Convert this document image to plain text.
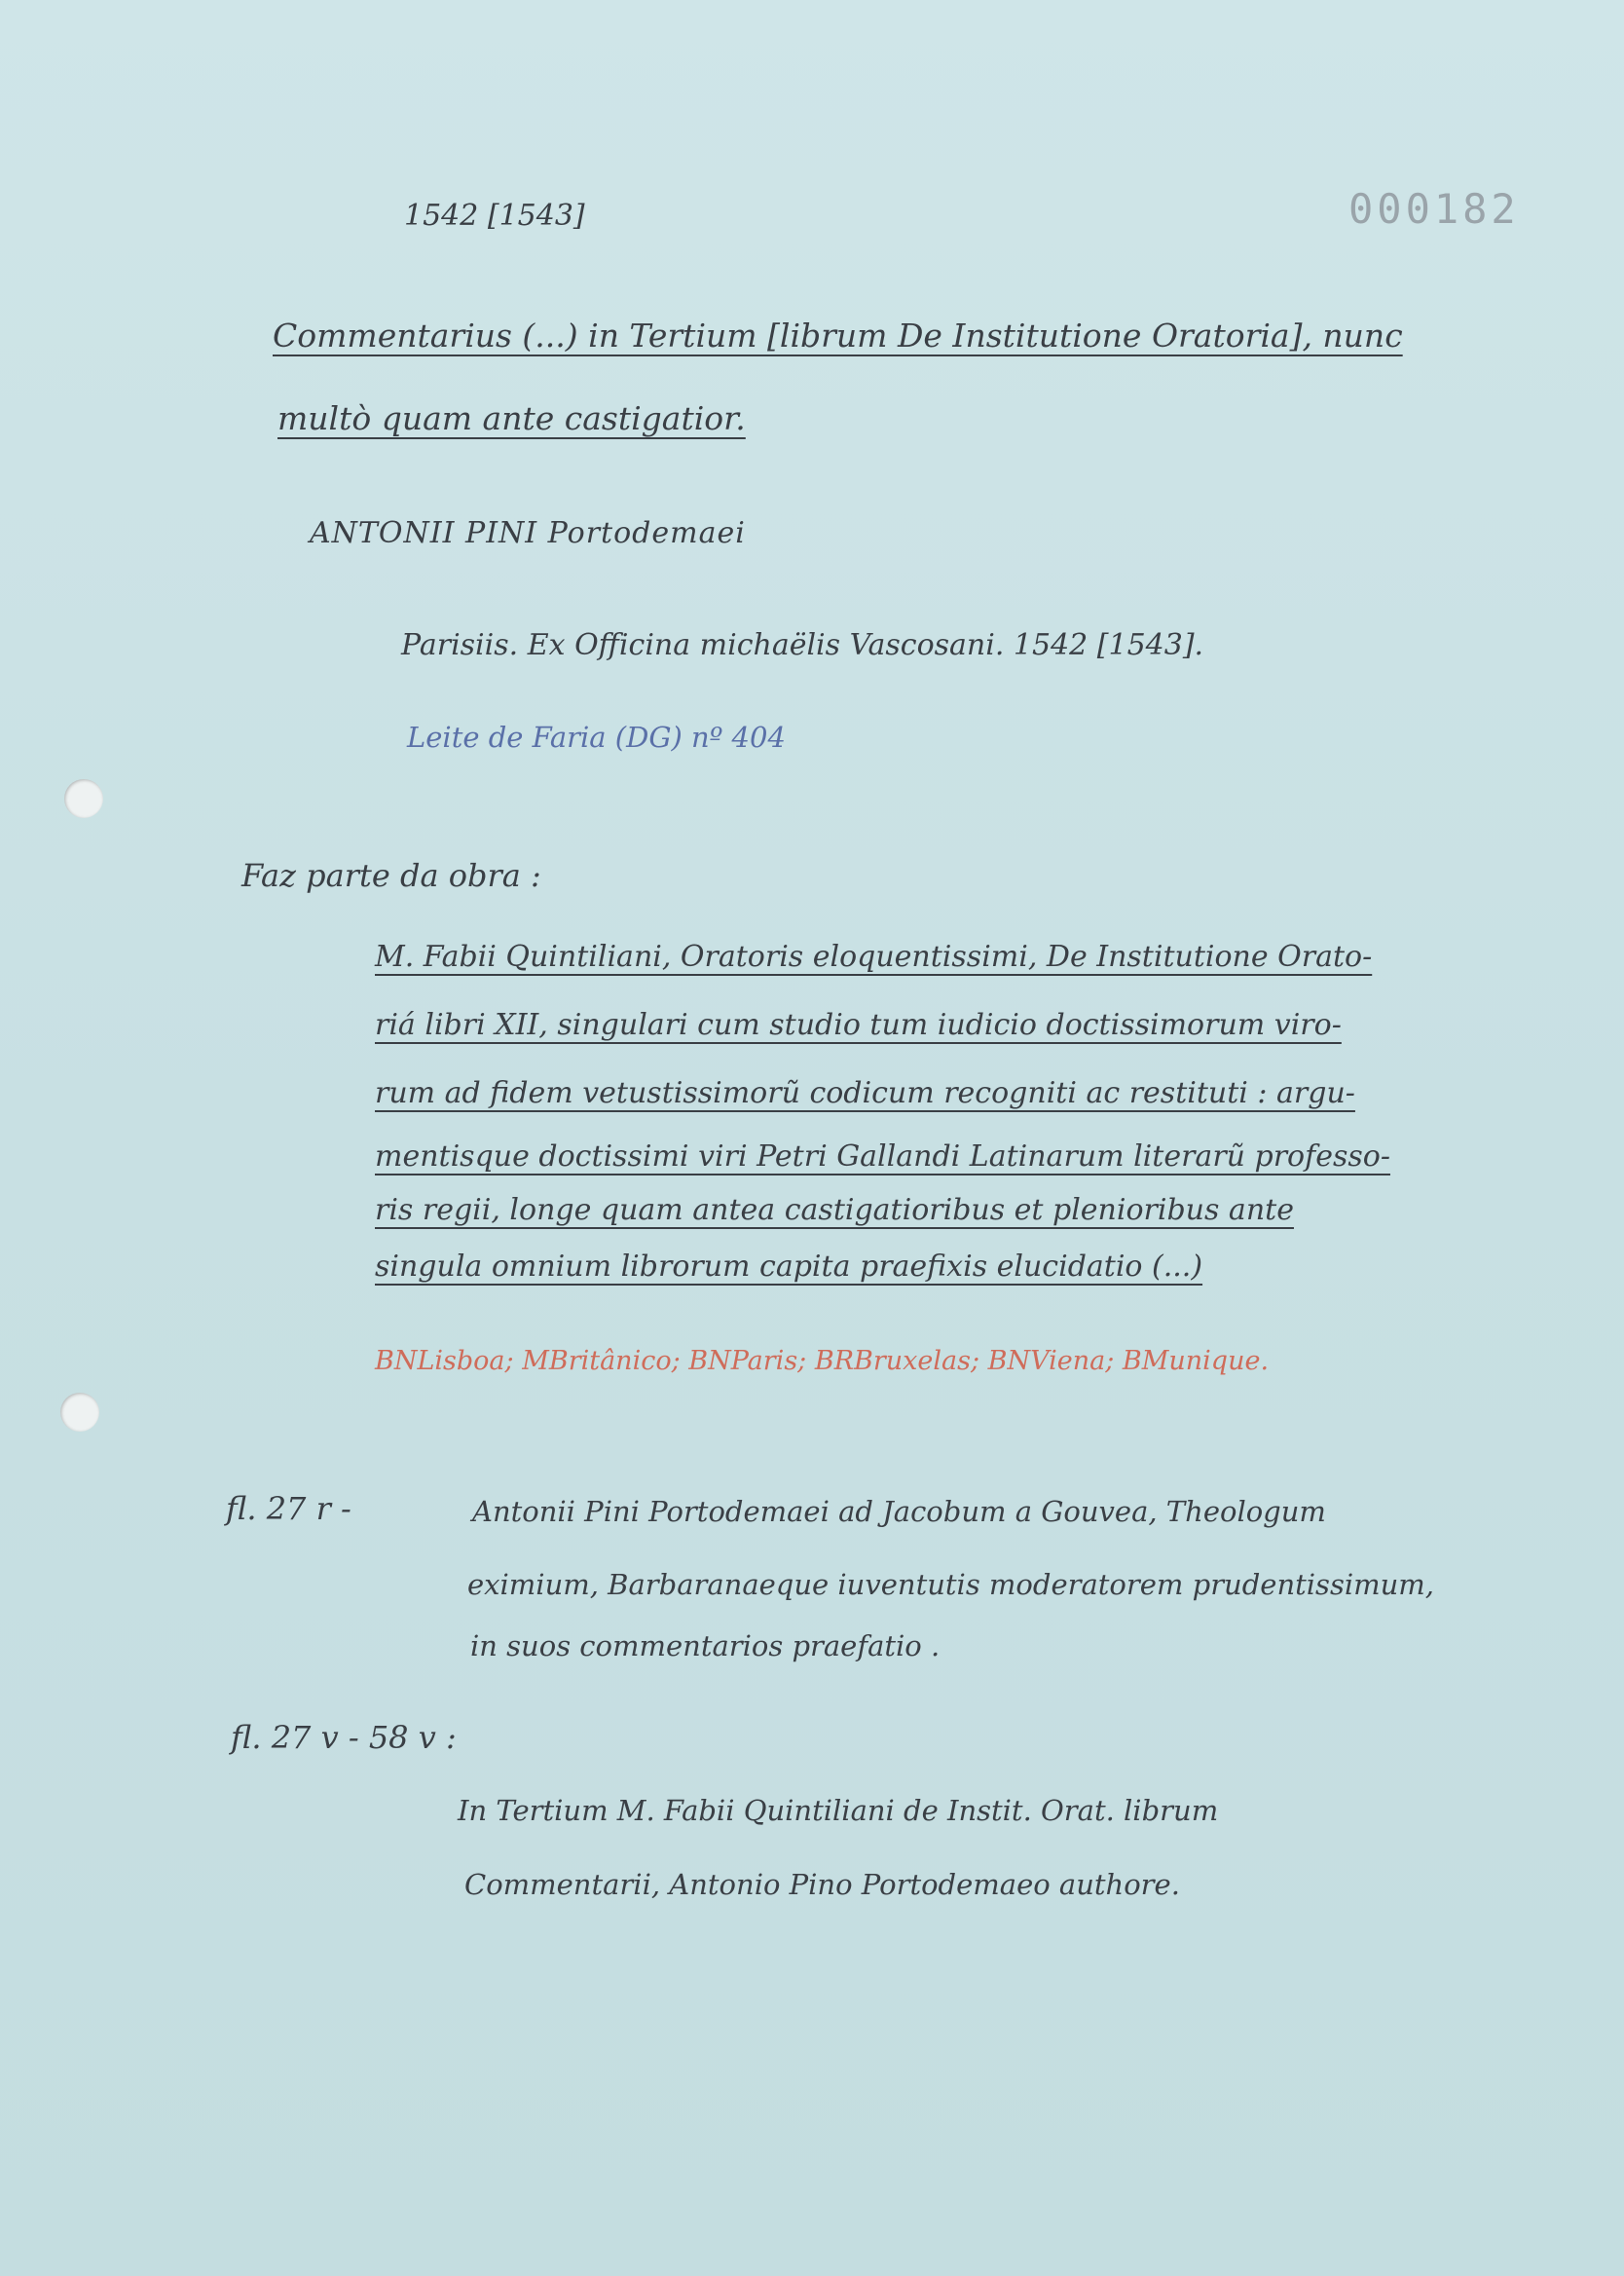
000182
1542 [1543]
Commentarius (...) in Tertium [librum De Institutione Oratoria], nunc
multò quam ante castigatior.
ANTONII PINI Portodemaei
Parisiis. Ex Officina michaëlis Vascosani. 1542 [1543].
Leite de Faria (DG) nº 404
Faz parte da obra :
M. Fabii Quintiliani, Oratoris eloquentissimi, De Institutione Orato-
riá libri XII, singulari cum studio tum iudicio doctissimorum viro-
rum ad fidem vetustissimorũ codicum recogniti ac restituti : argu-
mentisque doctissimi viri Petri Gallandi Latinarum literarũ professo-
ris regii, longe quam antea castigatioribus et plenioribus ante
singula omnium librorum capita praefixis elucidatio (...)
BNLisboa; MBritânico; BNParis; BRBruxelas; BNViena; BMunique.
fl. 27 r -	Antonii Pini Portodemaei ad Jacobum a Gouvea, Theologum
eximium, Barbaranaeque iuventutis moderatorem prudentissimum,
in suos commentarios praefatio .
fl. 27 v - 58 v :
In Tertium M. Fabii Quintiliani de Instit. Orat. librum
Commentarii, Antonio Pino Portodemaeo authore.
